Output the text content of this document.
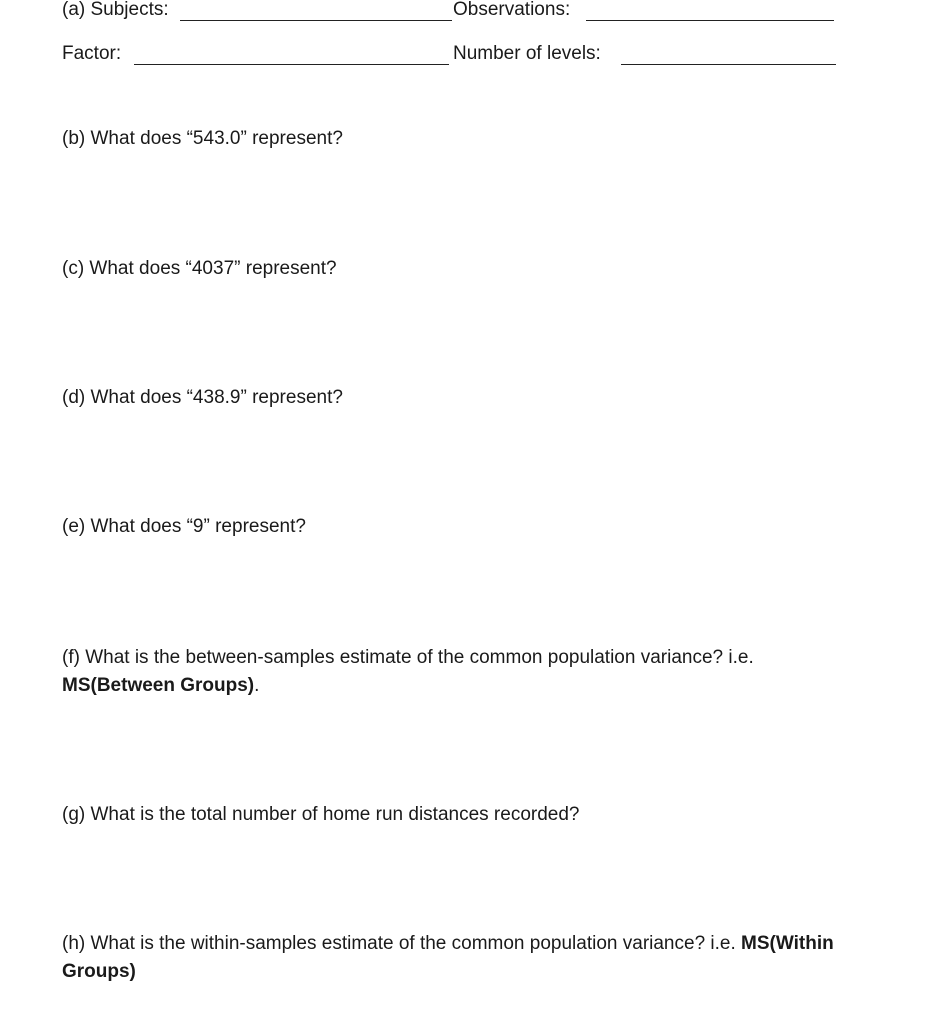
(a) Subjects:	Observations:
Factor:	Number of levels:
(b) What does “543.0” represent?
(c) What does “4037” represent?
(d) What does “438.9” represent?
(e) What does “9” represent?
(f) What is the between-samples estimate of the common population variance? i.e.
MS(Between Groups).
(g) What is the total number of home run distances recorded?
(h) What is the within-samples estimate of the common population variance? i.e. MS(Within
Groups)
